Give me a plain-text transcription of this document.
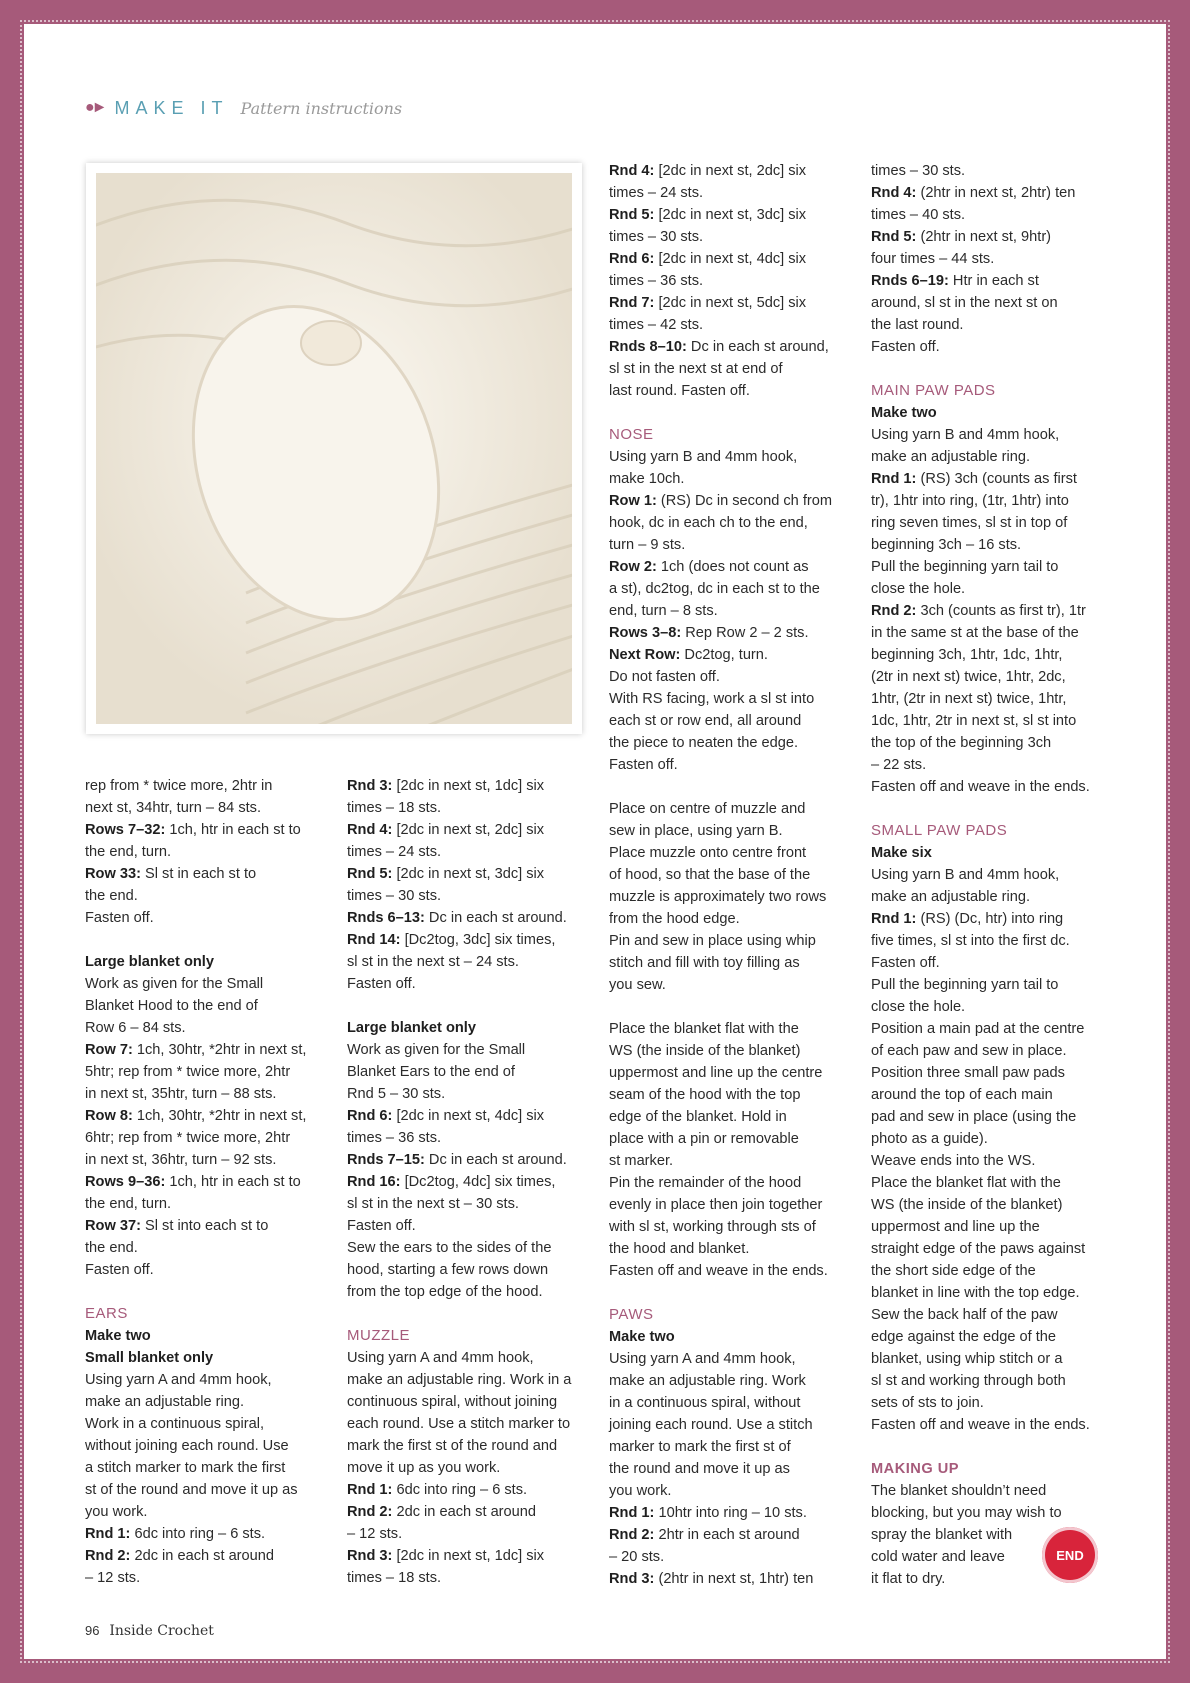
●► MAKE IT Pattern instructions

rep from * twice more, 2htr in

next st, 34htr, turn – 84 sts.

Rows 7–32: 1ch, htr in each st to

the end, turn.

Row 33: Sl st in each st to

the end.

Fasten off.

Large blanket only

Work as given for the Small

Blanket Hood to the end of

Row 6 – 84 sts.

Row 7: 1ch, 30htr, *2htr in next st,

5htr; rep from * twice more, 2htr

in next st, 35htr, turn – 88 sts.

Row 8: 1ch, 30htr, *2htr in next st,

6htr; rep from * twice more, 2htr

in next st, 36htr, turn – 92 sts.

Rows 9–36: 1ch, htr in each st to

the end, turn.

Row 37: Sl st into each st to

the end.

Fasten off.

EARS

Make two

Small blanket only

Using yarn A and 4mm hook,

make an adjustable ring.

Work in a continuous spiral,

without joining each round. Use

a stitch marker to mark the first

st of the round and move it up as

you work.

Rnd 1: 6dc into ring – 6 sts.

Rnd 2: 2dc in each st around

– 12 sts.

Rnd 3: [2dc in next st, 1dc] six

times – 18 sts.

Rnd 4: [2dc in next st, 2dc] six

times – 24 sts.

Rnd 5: [2dc in next st, 3dc] six

times – 30 sts.

Rnds 6–13: Dc in each st around.

Rnd 14: [Dc2tog, 3dc] six times,

sl st in the next st – 24 sts.

Fasten off.

Large blanket only

Work as given for the Small

Blanket Ears to the end of

Rnd 5 – 30 sts.

Rnd 6: [2dc in next st, 4dc] six

times – 36 sts.

Rnds 7–15: Dc in each st around.

Rnd 16: [Dc2tog, 4dc] six times,

sl st in the next st – 30 sts.

Fasten off.

Sew the ears to the sides of the

hood, starting a few rows down

from the top edge of the hood.

MUZZLE

Using yarn A and 4mm hook,

make an adjustable ring. Work in a

continuous spiral, without joining

each round. Use a stitch marker to

mark the first st of the round and

move it up as you work.

Rnd 1: 6dc into ring – 6 sts.

Rnd 2: 2dc in each st around

– 12 sts.

Rnd 3: [2dc in next st, 1dc] six

times – 18 sts.

Rnd 4: [2dc in next st, 2dc] six

times – 24 sts.

Rnd 5: [2dc in next st, 3dc] six

times – 30 sts.

Rnd 6: [2dc in next st, 4dc] six

times – 36 sts.

Rnd 7: [2dc in next st, 5dc] six

times – 42 sts.

Rnds 8–10: Dc in each st around,

sl st in the next st at end of

last round. Fasten off.

NOSE

Using yarn B and 4mm hook,

make 10ch.

Row 1: (RS) Dc in second ch from

hook, dc in each ch to the end,

turn – 9 sts.

Row 2: 1ch (does not count as

a st), dc2tog, dc in each st to the

end, turn – 8 sts.

Rows 3–8: Rep Row 2 – 2 sts.

Next Row: Dc2tog, turn.

Do not fasten off.

With RS facing, work a sl st into

each st or row end, all around

the piece to neaten the edge.

Fasten off.

Place on centre of muzzle and

sew in place, using yarn B.

Place muzzle onto centre front

of hood, so that the base of the

muzzle is approximately two rows

from the hood edge.

Pin and sew in place using whip

stitch and fill with toy filling as

you sew.

Place the blanket flat with the

WS (the inside of the blanket)

uppermost and line up the centre

seam of the hood with the top

edge of the blanket. Hold in

place with a pin or removable

st marker.

Pin the remainder of the hood

evenly in place then join together

with sl st, working through sts of

the hood and blanket.

Fasten off and weave in the ends.

PAWS

Make two

Using yarn A and 4mm hook,

make an adjustable ring. Work

in a continuous spiral, without

joining each round. Use a stitch

marker to mark the first st of

the round and move it up as

you work.

Rnd 1: 10htr into ring – 10 sts.

Rnd 2: 2htr in each st around

– 20 sts.

Rnd 3: (2htr in next st, 1htr) ten

times – 30 sts.

Rnd 4: (2htr in next st, 2htr) ten

times – 40 sts.

Rnd 5: (2htr in next st, 9htr)

four times – 44 sts.

Rnds 6–19: Htr in each st

around, sl st in the next st on

the last round.

Fasten off.

MAIN PAW PADS

Make two

Using yarn B and 4mm hook,

make an adjustable ring.

Rnd 1: (RS) 3ch (counts as first

tr), 1htr into ring, (1tr, 1htr) into

ring seven times, sl st in top of

beginning 3ch – 16 sts.

Pull the beginning yarn tail to

close the hole.

Rnd 2: 3ch (counts as first tr), 1tr

in the same st at the base of the

beginning 3ch, 1htr, 1dc, 1htr,

(2tr in next st) twice, 1htr, 2dc,

1htr, (2tr in next st) twice, 1htr,

1dc, 1htr, 2tr in next st, sl st into

the top of the beginning 3ch

– 22 sts.

Fasten off and weave in the ends.

SMALL PAW PADS

Make six

Using yarn B and 4mm hook,

make an adjustable ring.

Rnd 1: (RS) (Dc, htr) into ring

five times, sl st into the first dc.

Fasten off.

Pull the beginning yarn tail to

close the hole.

Position a main pad at the centre

of each paw and sew in place.

Position three small paw pads

around the top of each main

pad and sew in place (using the

photo as a guide).

Weave ends into the WS.

Place the blanket flat with the

WS (the inside of the blanket)

uppermost and line up the

straight edge of the paws against

the short side edge of the

blanket in line with the top edge.

Sew the back half of the paw

edge against the edge of the

blanket, using whip stitch or a

sl st and working through both

sets of sts to join.

Fasten off and weave in the ends.

MAKING UP

The blanket shouldn’t need

blocking, but you may wish to

spray the blanket with

cold water and leave

it flat to dry.

END
96 Inside Crochet
